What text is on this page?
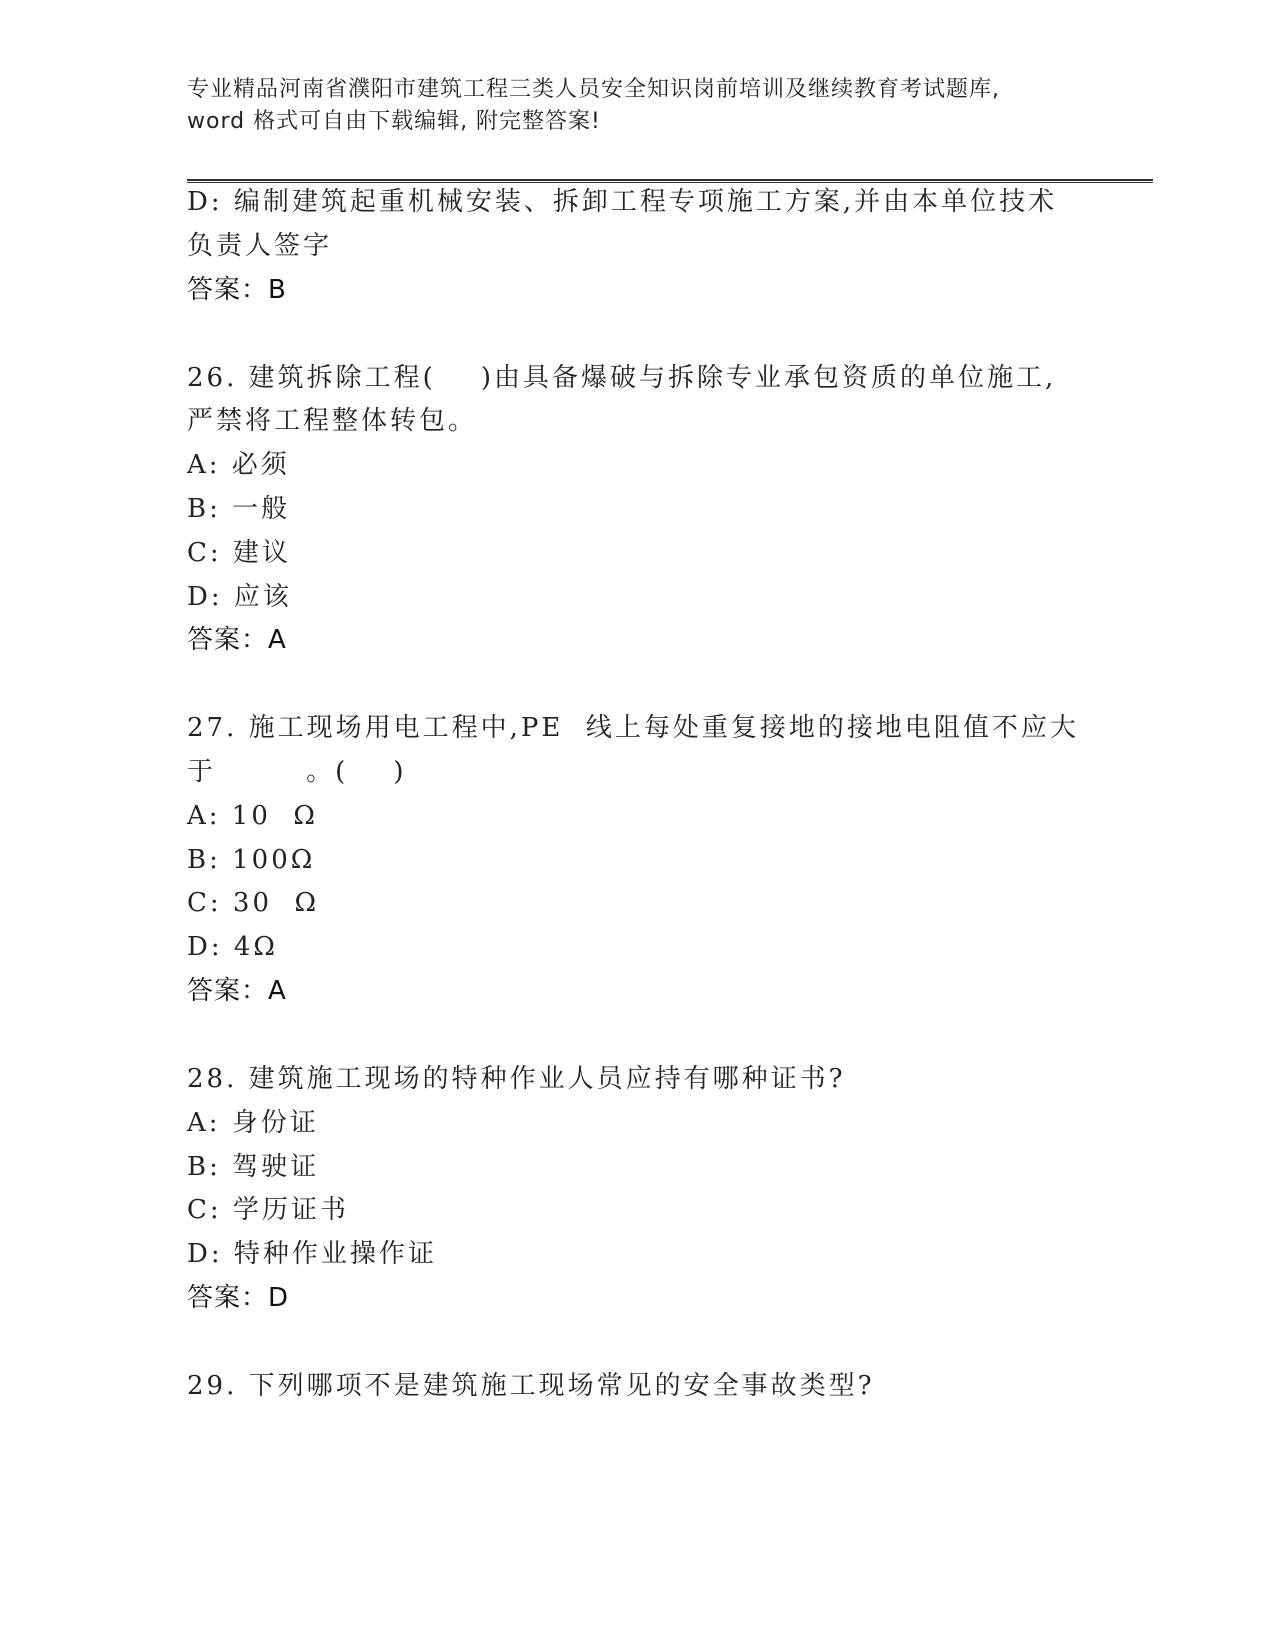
专业精品河南省濮阳市建筑工程三类人员安全知识岗前培训及继续教育考试题库,
word 格式可自由下载编辑, 附完整答案!
D: 编制建筑起重机械安装、拆卸工程专项施工方案,并由本单位技术
负责人签字
答案：B
26. 建筑拆除工程(    )由具备爆破与拆除专业承包资质的单位施工,
严禁将工程整体转包。
A: 必须
B: 一般
C: 建议
D: 应该
答案：A
27. 施工现场用电工程中,PE  线上每处重复接地的接地电阻值不应大
于        。(    )
A: 10  Ω
B: 100Ω
C: 30  Ω
D: 4Ω
答案：A
28. 建筑施工现场的特种作业人员应持有哪种证书?
A: 身份证
B: 驾驶证
C: 学历证书
D: 特种作业操作证
答案：D
29. 下列哪项不是建筑施工现场常见的安全事故类型?
